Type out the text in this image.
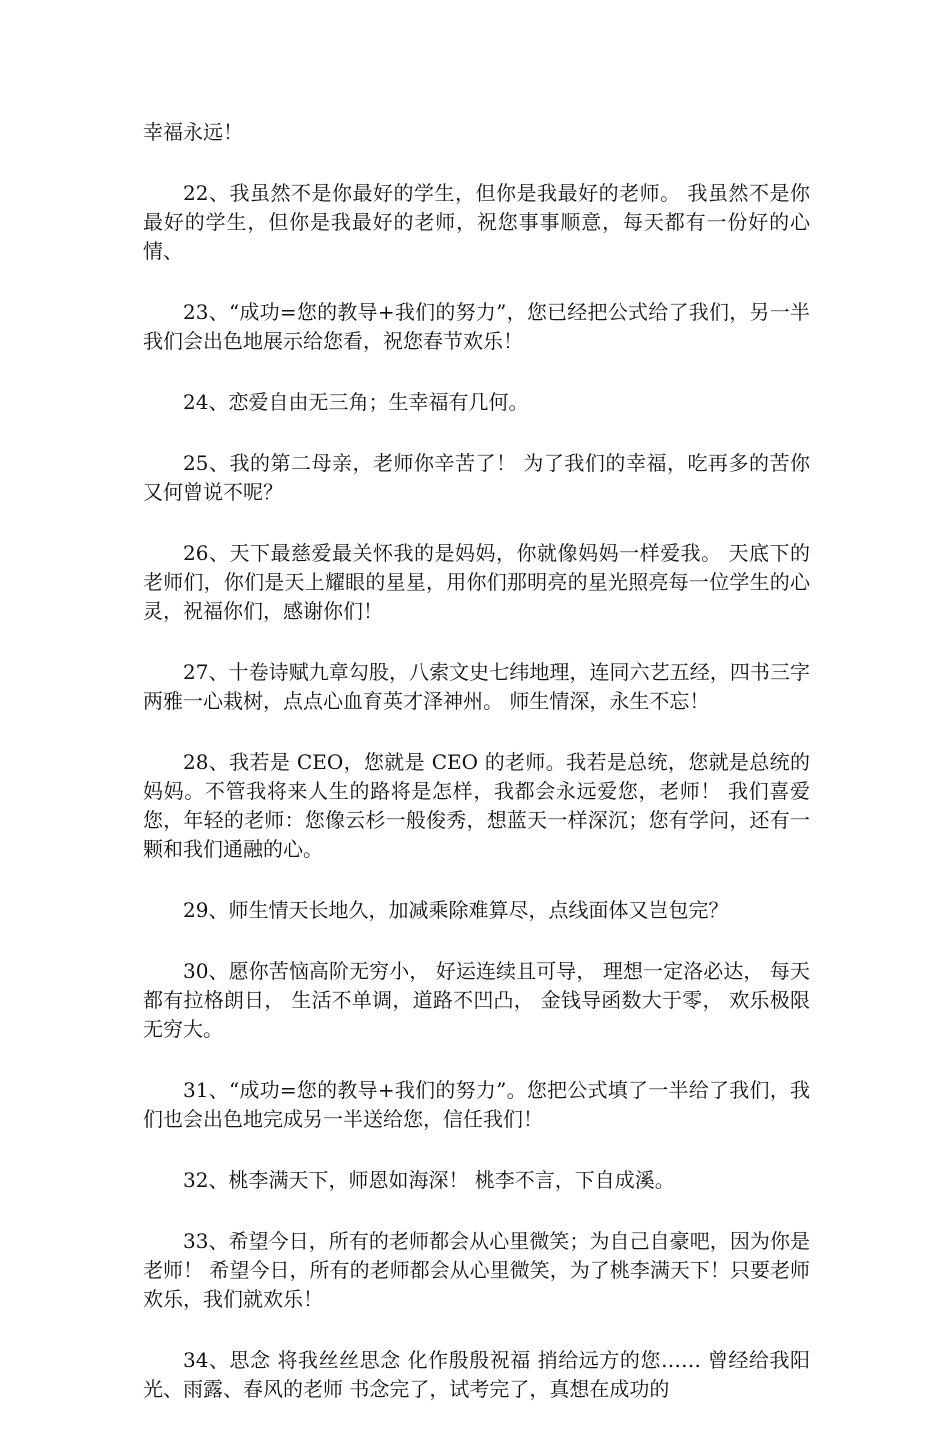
幸福永远！

22、我虽然不是你最好的学生，但你是我最好的老师。 我虽然不是你最好的学生，但你是我最好的老师，祝您事事顺意，每天都有一份好的心情、

23、“成功=您的教导+我们的努力”，您已经把公式给了我们，另一半我们会出色地展示给您看，祝您春节欢乐！

24、恋爱自由无三角；生幸福有几何。

25、我的第二母亲，老师你辛苦了！ 为了我们的幸福，吃再多的苦你又何曾说不呢？

26、天下最慈爱最关怀我的是妈妈，你就像妈妈一样爱我。 天底下的老师们，你们是天上耀眼的星星，用你们那明亮的星光照亮每一位学生的心灵，祝福你们，感谢你们！

27、十卷诗赋九章勾股，八索文史七纬地理，连同六艺五经，四书三字两雅一心栽树，点点心血育英才泽神州。 师生情深，永生不忘！

28、我若是 CEO，您就是 CEO 的老师。我若是总统，您就是总统的妈妈。不管我将来人生的路将是怎样，我都会永远爱您，老师！ 我们喜爱您，年轻的老师：您像云杉一般俊秀，想蓝天一样深沉；您有学问，还有一颗和我们通融的心。

29、师生情天长地久，加减乘除难算尽，点线面体又岂包完？

30、愿你苦恼高阶无穷小， 好运连续且可导， 理想一定洛必达， 每天都有拉格朗日， 生活不单调，道路不凹凸， 金钱导函数大于零， 欢乐极限无穷大。

31、“成功=您的教导+我们的努力”。您把公式填了一半给了我们，我们也会出色地完成另一半送给您，信任我们！

32、桃李满天下，师恩如海深！ 桃李不言，下自成溪。

33、希望今日，所有的老师都会从心里微笑；为自己自豪吧，因为你是老师！ 希望今日，所有的老师都会从心里微笑，为了桃李满天下！只要老师欢乐，我们就欢乐！

34、思念 将我丝丝思念 化作殷殷祝福 捎给远方的您…… 曾经给我阳光、雨露、春风的老师 书念完了，试考完了，真想在成功的
